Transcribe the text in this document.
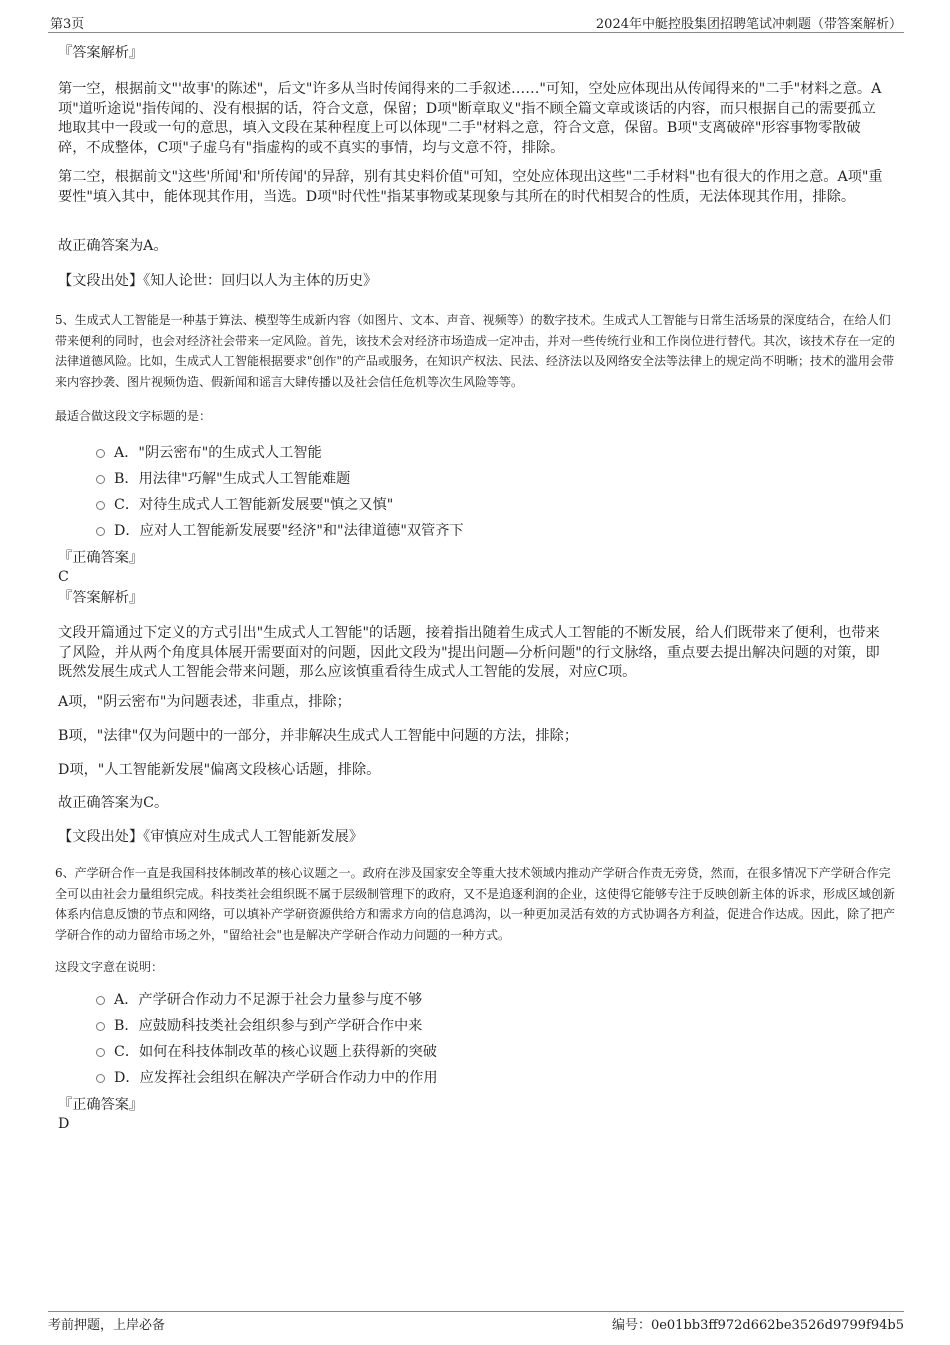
第3页	2024年中艇控股集团招聘笔试冲刺题（带答案解析）

『答案解析』

第一空，根据前文"'故事'的陈述"，后文"许多从当时传闻得来的二手叙述……"可知，空处应体现出从传闻得来的"二手"材料之意。A项"道听途说"指传闻的、没有根据的话，符合文意，保留；D项"断章取义"指不顾全篇文章或谈话的内容，而只根据自己的需要孤立地取其中一段或一句的意思，填入文段在某种程度上可以体现"二手"材料之意，符合文意，保留。B项"支离破碎"形容事物零散破碎，不成整体，C项"子虚乌有"指虚构的或不真实的事情，均与文意不符，排除。

第二空，根据前文"这些'所闻'和'所传闻'的异辞，别有其史料价值"可知，空处应体现出这些"二手材料"也有很大的作用之意。A项"重要性"填入其中，能体现其作用，当选。D项"时代性"指某事物或某现象与其所在的时代相契合的性质，无法体现其作用，排除。

故正确答案为A。

【文段出处】《知人论世：回归以人为主体的历史》

5、生成式人工智能是一种基于算法、模型等生成新内容（如图片、文本、声音、视频等）的数字技术。生成式人工智能与日常生活场景的深度结合，在给人们带来便利的同时，也会对经济社会带来一定风险。首先，该技术会对经济市场造成一定冲击，并对一些传统行业和工作岗位进行替代。其次，该技术存在一定的法律道德风险。比如，生成式人工智能根据要求"创作"的产品或服务，在知识产权法、民法、经济法以及网络安全法等法律上的规定尚不明晰；技术的滥用会带来内容抄袭、图片视频伪造、假新闻和谣言大肆传播以及社会信任危机等次生风险等等。

最适合做这段文字标题的是：

A．"阴云密布"的生成式人工智能
B．用法律"巧解"生成式人工智能难题
C．对待生成式人工智能新发展要"慎之又慎"
D．应对人工智能新发展要"经济"和"法律道德"双管齐下

『正确答案』

C

『答案解析』

文段开篇通过下定义的方式引出"生成式人工智能"的话题，接着指出随着生成式人工智能的不断发展，给人们既带来了便利，也带来了风险，并从两个角度具体展开需要面对的问题，因此文段为"提出问题—分析问题"的行文脉络，重点要去提出解决问题的对策，即既然发展生成式人工智能会带来问题，那么应该慎重看待生成式人工智能的发展，对应C项。

A项，"阴云密布"为问题表述，非重点，排除；

B项，"法律"仅为问题中的一部分，并非解决生成式人工智能中问题的方法，排除；

D项，"人工智能新发展"偏离文段核心话题，排除。

故正确答案为C。

【文段出处】《审慎应对生成式人工智能新发展》

6、产学研合作一直是我国科技体制改革的核心议题之一。政府在涉及国家安全等重大技术领域内推动产学研合作责无旁贷，然而，在很多情况下产学研合作完全可以由社会力量组织完成。科技类社会组织既不属于层级制管理下的政府，又不是追逐利润的企业，这使得它能够专注于反映创新主体的诉求，形成区域创新体系内信息反馈的节点和网络，可以填补产学研资源供给方和需求方向的信息鸿沟，以一种更加灵活有效的方式协调各方利益，促进合作达成。因此，除了把产学研合作的动力留给市场之外，"留给社会"也是解决产学研合作动力问题的一种方式。

这段文字意在说明：

A．产学研合作动力不足源于社会力量参与度不够
B．应鼓励科技类社会组织参与到产学研合作中来
C．如何在科技体制改革的核心议题上获得新的突破
D．应发挥社会组织在解决产学研合作动力中的作用

『正确答案』

D

考前押题，上岸必备	编号：0e01bb3ff972d662be3526d9799f94b5
